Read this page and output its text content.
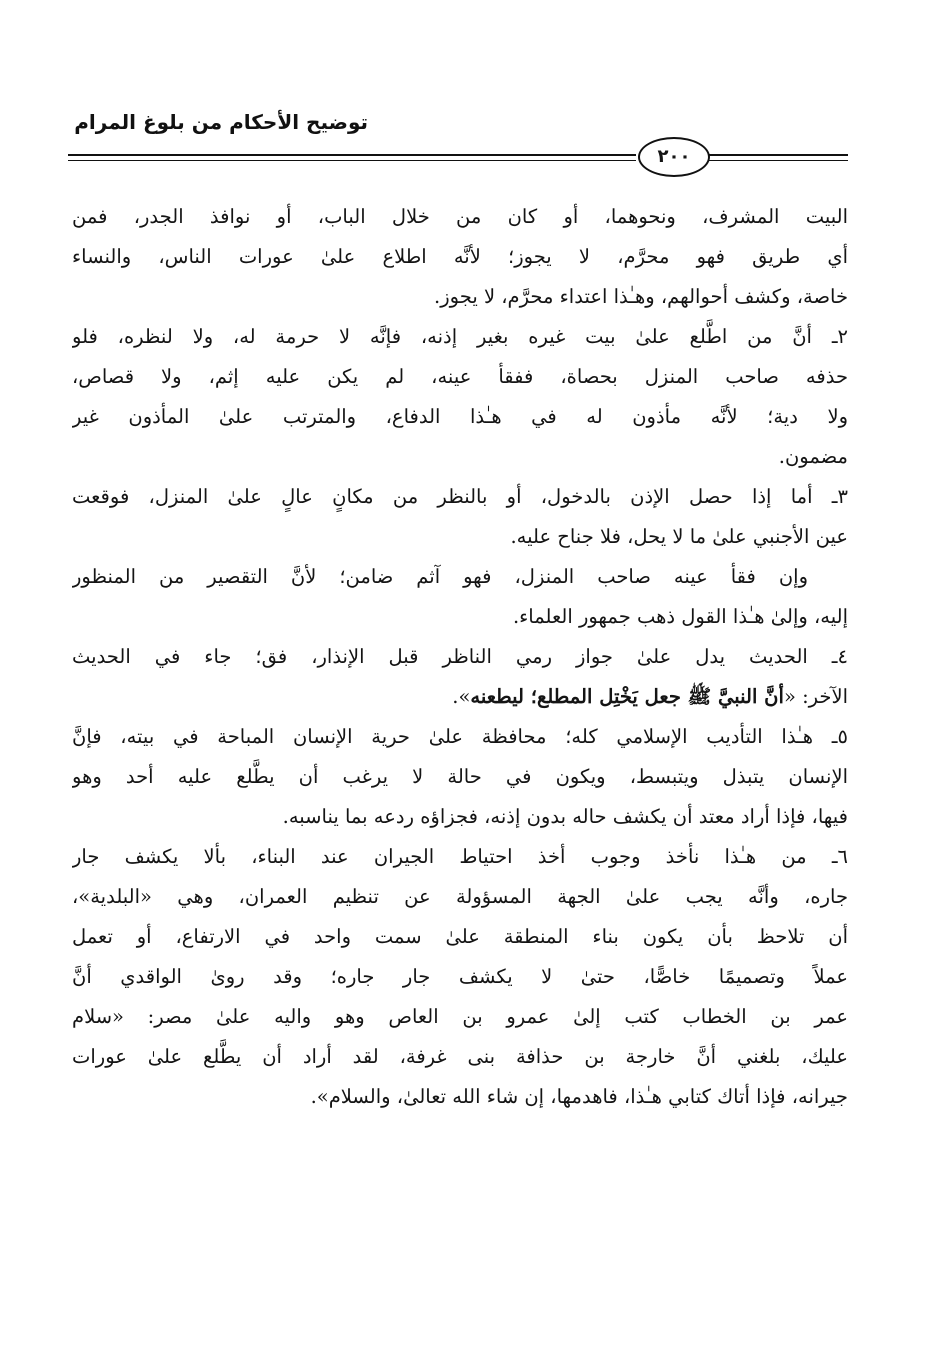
توضيح الأحكام من بلوغ المرام
٢٠٠
البيت المشرف، ونحوهما، أو كان من خلال الباب، أو نوافذ الجدر، فمن
أي طريق فهو محرَّم، لا يجوز؛ لأنَّه اطلاع علىٰ عورات الناس، والنساء
خاصة، وكشف أحوالهم، وهـٰذا اعتداء محرَّم، لا يجوز.
٢ـ أنَّ من اطَّلع علىٰ بيت غيره بغير إذنه، فإنَّه لا حرمة له، ولا لنظره، فلو
حذفه صاحب المنزل بحصاة، ففقأ عينه، لم يكن عليه إثم، ولا قصاص،
ولا دية؛ لأنَّه مأذون له في هـٰذا الدفاع، والمترتب علىٰ المأذون غير
مضمون.
٣ـ أما إذا حصل الإذن بالدخول، أو بالنظر من مكانٍ عالٍ علىٰ المنزل، فوقعت
عين الأجنبي علىٰ ما لا يحل، فلا جناح عليه.
وإن فقأ عينه صاحب المنزل، فهو آثم ضامن؛ لأنَّ التقصير من المنظور
إليه، وإلىٰ هـٰذا القول ذهب جمهور العلماء.
٤ـ الحديث يدل علىٰ جواز رمي الناظر قبل الإنذار، فق؛ جاء في الحديث
الآخر: «أنَّ النبيَّ ﷺ جعل يَخْتِل المطلع؛ ليطعنه».
٥ـ هـٰذا التأديب الإسلامي كله؛ محافظة علىٰ حرية الإنسان المباحة في بيته، فإنَّ
الإنسان يتبذل ويتبسط، ويكون في حالة لا يرغب أن يطَّلع عليه أحد وهو
فيها، فإذا أراد معتد أن يكشف حاله بدون إذنه، فجزاؤه ردعه بما يناسبه.
٦ـ من هـٰذا نأخذ وجوب أخذ احتياط الجيران عند البناء، بألا يكشف جار
جاره، وأنَّه يجب علىٰ الجهة المسؤولة عن تنظيم العمران، وهي «البلدية»،
أن تلاحظ بأن يكون بناء المنطقة علىٰ سمت واحد في الارتفاع، أو تعمل
عملاً وتصميمًا خاصًّا، حتىٰ لا يكشف جار جاره؛ وقد روىٰ الواقدي أنَّ
عمر بن الخطاب كتب إلىٰ عمرو بن العاص وهو واليه علىٰ مصر: «سلام
عليك، بلغني أنَّ خارجة بن حذافة بنى غرفة، لقد أراد أن يطَّلع علىٰ عورات
جيرانه، فإذا أتاك كتابي هـٰذا، فاهدمها، إن شاء الله تعالىٰ، والسلام».
